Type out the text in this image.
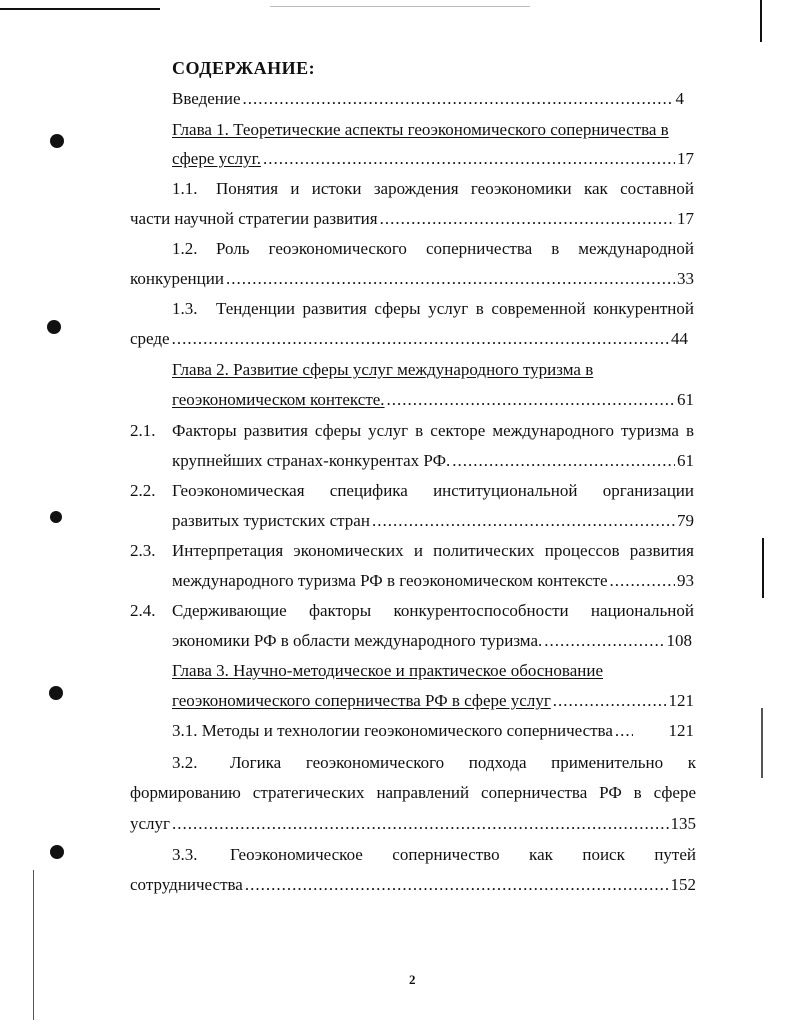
СОДЕРЖАНИЕ:
Введение .....	4
Глава 1. Теоретические аспекты геоэкономического соперничества в
сфере услуг. .....	17
1.1. Понятия и истоки зарождения геоэкономики как составной
части научной стратегии развития .....	17
1.2. Роль геоэкономического соперничества в международной
конкуренции .....	33
1.3. Тенденции развития сферы услуг в современной конкурентной
среде .....	44
Глава 2. Развитие сферы услуг международного туризма в
геоэкономическом контексте. .....	61
2.1. Факторы развития сферы услуг в секторе международного туризма в
крупнейших странах-конкурентах РФ. .....	61
2.2. Геоэкономическая специфика институциональной организации
развитых туристских стран .....	79
2.3. Интерпретация экономических и политических процессов развития
международного туризма РФ в геоэкономическом контексте .....	93
2.4. Сдерживающие факторы конкурентоспособности национальной
экономики РФ в области международного туризма. .....	108
Глава 3. Научно-методическое и практическое обоснование
геоэкономического соперничества РФ в сфере услуг .....	121
3.1. Методы и технологии геоэкономического соперничества .....	121
3.2. Логика геоэкономического подхода применительно к
формированию стратегических направлений соперничества РФ в сфере
услуг .....	135
3.3. Геоэкономическое соперничество как поиск путей
сотрудничества .....	152
2
